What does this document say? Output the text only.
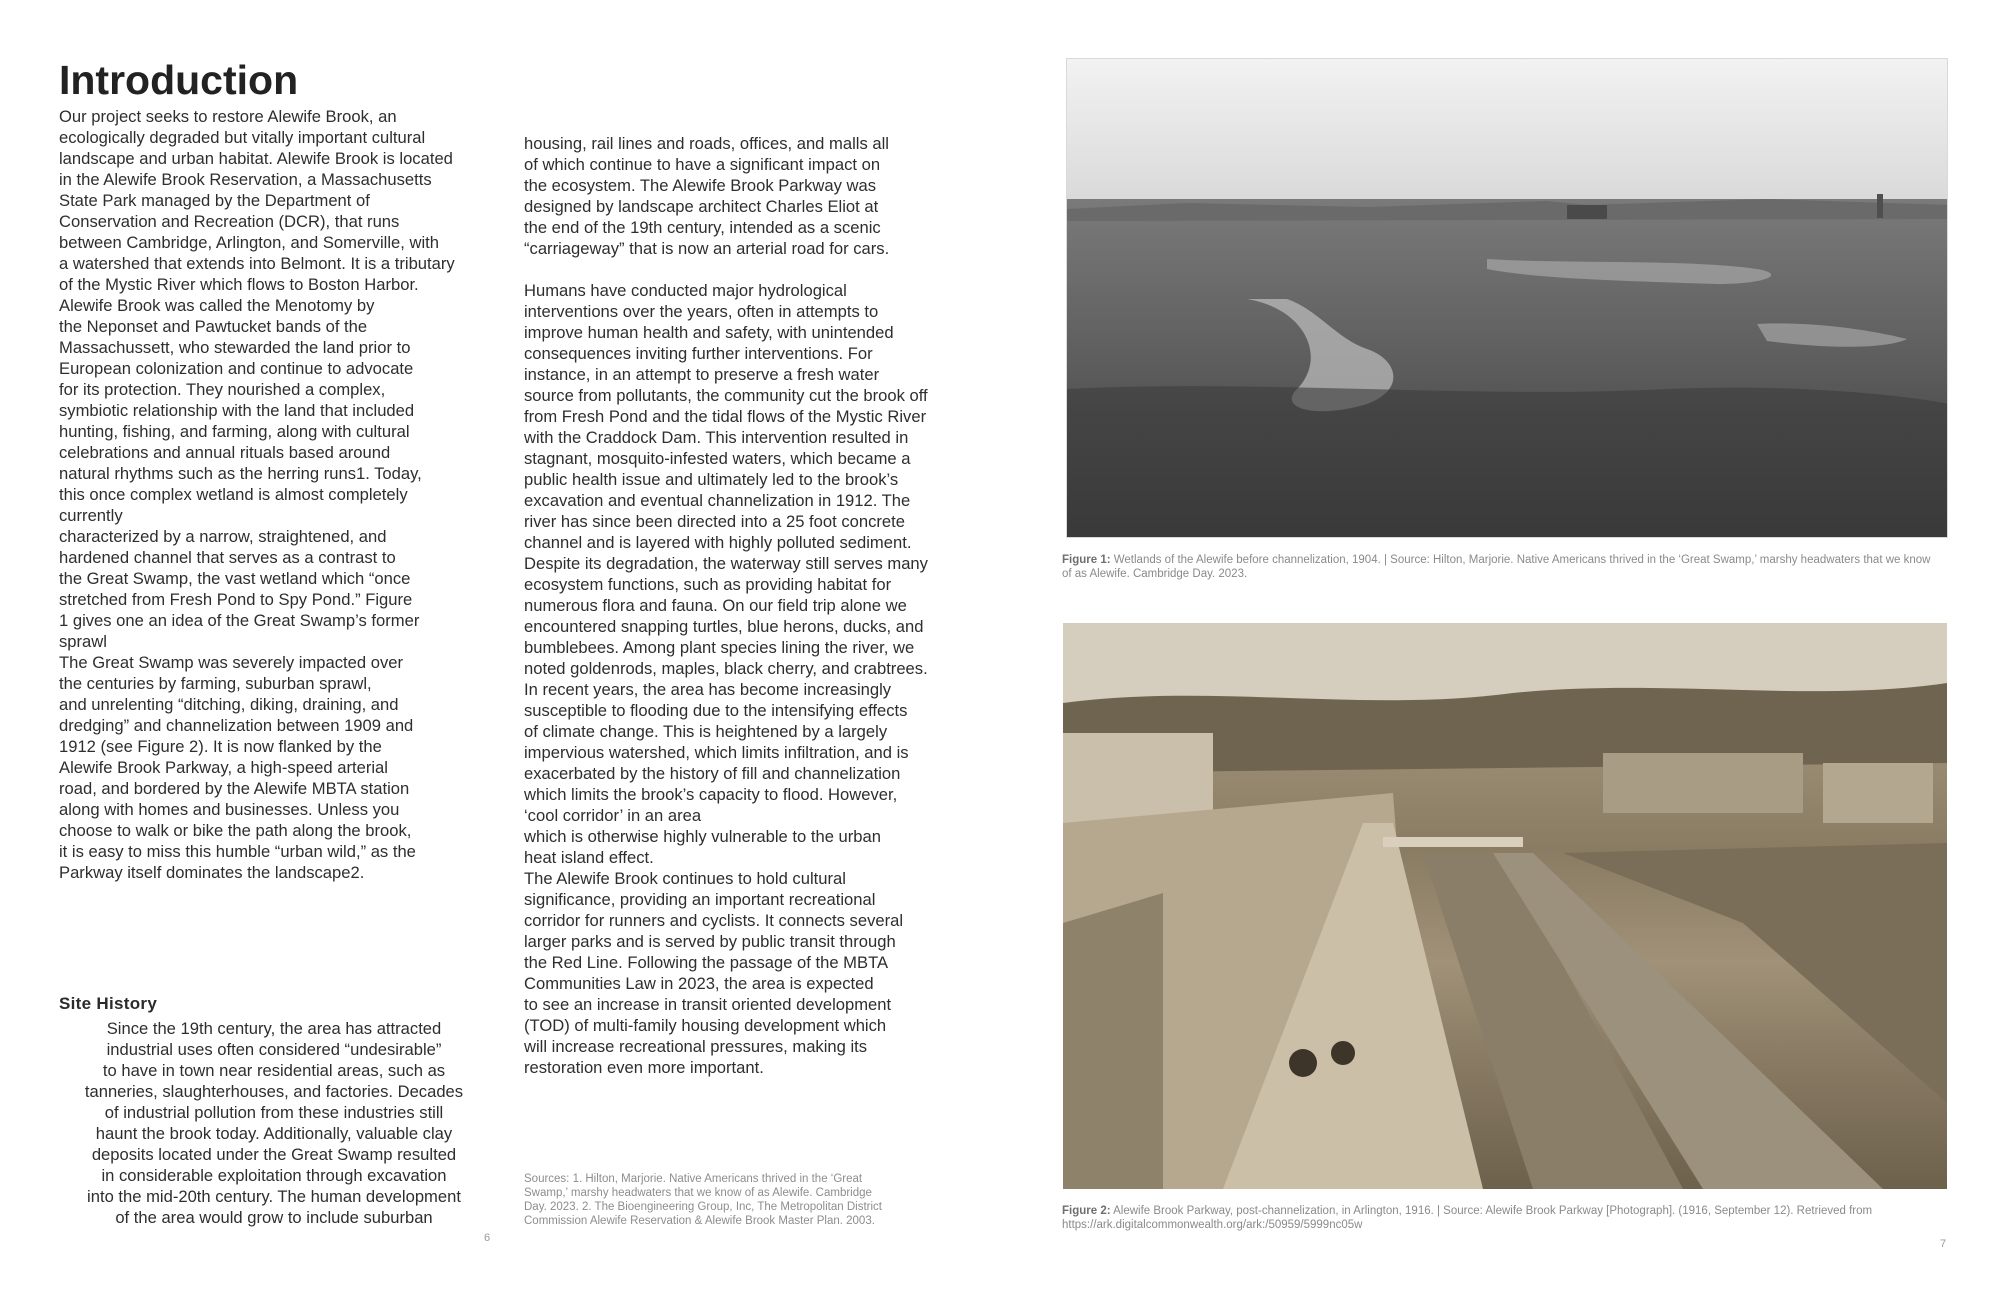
Introduction
Our project seeks to restore Alewife Brook, an
ecologically degraded but vitally important cultural
landscape and urban habitat. Alewife Brook is located
in the Alewife Brook Reservation, a Massachusetts
State Park managed by the Department of
Conservation and Recreation (DCR), that runs
between Cambridge, Arlington, and Somerville, with
a watershed that extends into Belmont. It is a tributary
of the Mystic River which flows to Boston Harbor.
Alewife Brook was called the Menotomy by
the Neponset and Pawtucket bands of the
Massachussett, who stewarded the land prior to
European colonization and continue to advocate
for its protection. They nourished a complex,
symbiotic relationship with the land that included
hunting, fishing, and farming, along with cultural
celebrations and annual rituals based around
natural rhythms such as the herring runs1. Today,
this once complex wetland is almost completely
currently
characterized by a narrow, straightened, and
hardened channel that serves as a contrast to
the Great Swamp, the vast wetland which “once
stretched from Fresh Pond to Spy Pond.” Figure
1 gives one an idea of the Great Swamp’s former
sprawl
The Great Swamp was severely impacted over
the centuries by farming, suburban sprawl,
and unrelenting “ditching, diking, draining, and
dredging” and channelization between 1909 and
1912 (see Figure 2). It is now flanked by the
Alewife Brook Parkway, a high-speed arterial
road, and bordered by the Alewife MBTA station
along with homes and businesses. Unless you
choose to walk or bike the path along the brook,
it is easy to miss this humble “urban wild,” as the
Parkway itself dominates the landscape2.
housing, rail lines and roads, offices, and malls all
of which continue to have a significant impact on
the ecosystem. The Alewife Brook Parkway was
designed by landscape architect Charles Eliot at
the end of the 19th century, intended as a scenic
“carriageway” that is now an arterial road for cars.
Humans have conducted major hydrological
interventions over the years, often in attempts to
improve human health and safety, with unintended
consequences inviting further interventions. For
instance, in an attempt to preserve a fresh water
source from pollutants, the community cut the brook off
from Fresh Pond and the tidal flows of the Mystic River
with the Craddock Dam. This intervention resulted in
stagnant, mosquito-infested waters, which became a
public health issue and ultimately led to the brook’s
excavation and eventual channelization in 1912. The
river has since been directed into a 25 foot concrete
channel and is layered with highly polluted sediment.
Despite its degradation, the waterway still serves many
ecosystem functions, such as providing habitat for
numerous flora and fauna. On our field trip alone we
encountered snapping turtles, blue herons, ducks, and
bumblebees. Among plant species lining the river, we
noted goldenrods, maples, black cherry, and crabtrees.
In recent years, the area has become increasingly
susceptible to flooding due to the intensifying effects
of climate change. This is heightened by a largely
impervious watershed, which limits infiltration, and is
exacerbated by the history of fill and channelization
which limits the brook’s capacity to flood. However,
‘cool corridor’ in an area
which is otherwise highly vulnerable to the urban
heat island effect.
The Alewife Brook continues to hold cultural
significance, providing an important recreational
corridor for runners and cyclists. It connects several
larger parks and is served by public transit through
the Red Line. Following the passage of the MBTA
Communities Law in 2023, the area is expected
to see an increase in transit oriented development
(TOD) of multi-family housing development which
will increase recreational pressures, making its
restoration even more important.
Site History
Since the 19th century, the area has attracted
industrial uses often considered “undesirable”
to have in town near residential areas, such as
tanneries, slaughterhouses, and factories. Decades
of industrial pollution from these industries still
haunt the brook today. Additionally, valuable clay
deposits located under the Great Swamp resulted
in considerable exploitation through excavation
into the mid-20th century. The human development
of the area would grow to include suburban
Sources: 1. Hilton, Marjorie. Native Americans thrived in the ‘Great
Swamp,’ marshy headwaters that we know of as Alewife. Cambridge
Day. 2023. 2. The Bioengineering Group, Inc, The Metropolitan District
Commission Alewife Reservation & Alewife Brook Master Plan. 2003.
6
Figure 1: Wetlands of the Alewife before channelization, 1904. | Source: Hilton, Marjorie. Native Americans thrived in the ‘Great Swamp,’ marshy headwaters that we know of as Alewife. Cambridge Day. 2023.
Figure 2: Alewife Brook Parkway, post-channelization, in Arlington, 1916. | Source: Alewife Brook Parkway [Photograph]. (1916, September 12). Retrieved from https://ark.digitalcommonwealth.org/ark:/50959/5999nc05w
7
